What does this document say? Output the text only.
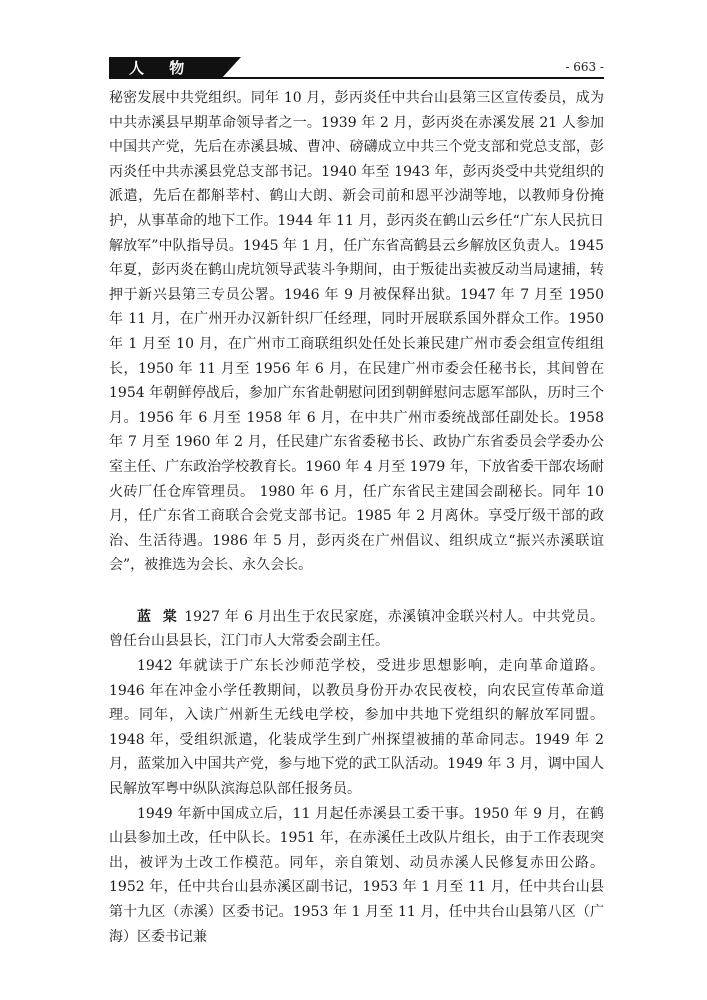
人 物	- 663 -

秘密发展中共党组织。同年 10 月，彭丙炎任中共台山县第三区宣传委员，成为中共赤溪县早期革命领导者之一。1939 年 2 月，彭丙炎在赤溪发展 21 人参加中国共产党，先后在赤溪县城、曹冲、磅礴成立中共三个党支部和党总支部，彭丙炎任中共赤溪县党总支部书记。1940 年至 1943 年，彭丙炎受中共党组织的派遣，先后在都斛莘村、鹤山大朗、新会司前和恩平沙湖等地，以教师身份掩护，从事革命的地下工作。1944 年 11 月，彭丙炎在鹤山云乡任“广东人民抗日解放军”中队指导员。1945 年 1 月，任广东省高鹤县云乡解放区负责人。1945 年夏，彭丙炎在鹤山虎坑领导武装斗争期间，由于叛徒出卖被反动当局逮捕，转押于新兴县第三专员公署。1946 年 9 月被保释出狱。1947 年 7 月至 1950 年 11 月，在广州开办汉新针织厂任经理，同时开展联系国外群众工作。1950 年 1 月至 10 月，在广州市工商联组织处任处长兼民建广州市委会组宣传组组长，1950 年 11 月至 1956 年 6 月，在民建广州市委会任秘书长，其间曾在 1954 年朝鲜停战后，参加广东省赴朝慰问团到朝鲜慰问志愿军部队，历时三个月。1956 年 6 月至 1958 年 6 月，在中共广州市委统战部任副处长。1958 年 7 月至 1960 年 2 月，任民建广东省委秘书长、政协广东省委员会学委办公室主任、广东政治学校教育长。1960 年 4 月至 1979 年，下放省委干部农场耐火砖厂任仓库管理员。 1980 年 6 月，任广东省民主建国会副秘长。同年 10 月，任广东省工商联合会党支部书记。1985 年 2 月离休。享受厅级干部的政治、生活待遇。1986 年 5 月，彭丙炎在广州倡议、组织成立“振兴赤溪联谊会”，被推选为会长、永久会长。

蓝 棠 1927 年 6 月出生于农民家庭，赤溪镇冲金联兴村人。中共党员。曾任台山县县长，江门市人大常委会副主任。

1942 年就读于广东长沙师范学校，受进步思想影响，走向革命道路。1946 年在冲金小学任教期间，以教员身份开办农民夜校，向农民宣传革命道理。同年，入读广州新生无线电学校，参加中共地下党组织的解放军同盟。1948 年，受组织派遣，化装成学生到广州探望被捕的革命同志。1949 年 2 月，蓝棠加入中国共产党，参与地下党的武工队活动。1949 年 3 月，调中国人民解放军粤中纵队滨海总队部任报务员。

1949 年新中国成立后，11 月起任赤溪县工委干事。1950 年 9 月，在鹤山县参加土改，任中队长。1951 年，在赤溪任土改队片组长，由于工作表现突出，被评为土改工作模范。同年，亲自策划、动员赤溪人民修复赤田公路。1952 年，任中共台山县赤溪区副书记，1953 年 1 月至 11 月，任中共台山县第十九区（赤溪）区委书记。1953 年 1 月至 11 月，任中共台山县第八区（广海）区委书记兼
